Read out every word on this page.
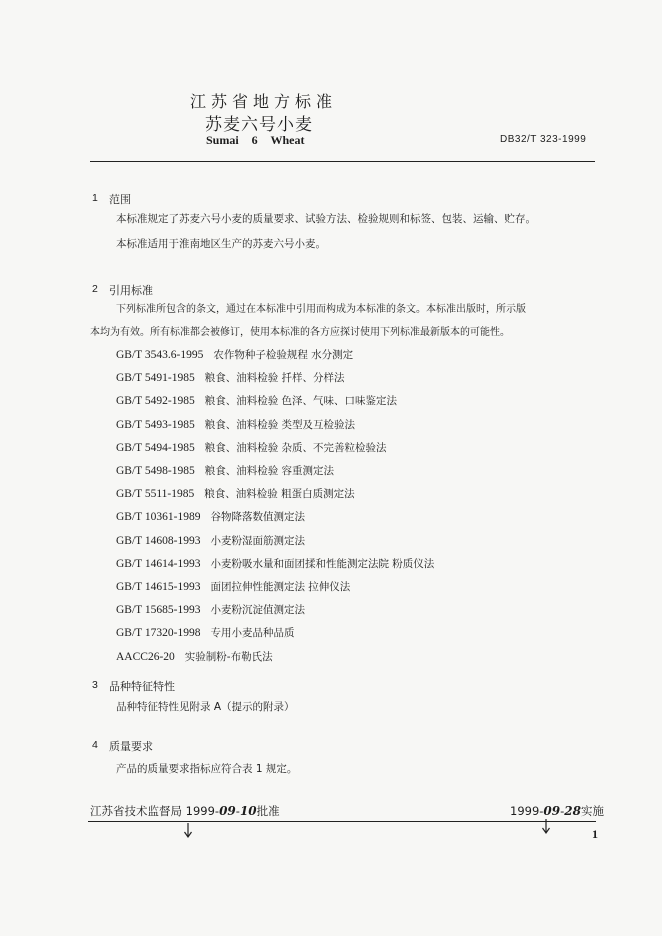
江苏省地方标准
苏麦六号小麦
Sumai 6 Wheat	DB32/T 323-1999
1 范围
本标准规定了苏麦六号小麦的质量要求、试验方法、检验规则和标签、包装、运输、贮存。
本标准适用于淮南地区生产的苏麦六号小麦。
2 引用标准
下列标准所包含的条文，通过在本标准中引用而构成为本标准的条文。本标准出版时，所示版
本均为有效。所有标准都会被修订，使用本标准的各方应探讨使用下列标准最新版本的可能性。
GB/T 3543.6-1995 农作物种子检验规程 水分测定
GB/T 5491-1985 粮食、油料检验 扦样、分样法
GB/T 5492-1985 粮食、油料检验 色泽、气味、口味鉴定法
GB/T 5493-1985 粮食、油料检验 类型及互检验法
GB/T 5494-1985 粮食、油料检验 杂质、不完善粒检验法
GB/T 5498-1985 粮食、油料检验 容重测定法
GB/T 5511-1985 粮食、油料检验 粗蛋白质测定法
GB/T 10361-1989 谷物降落数值测定法
GB/T 14608-1993 小麦粉湿面筋测定法
GB/T 14614-1993 小麦粉吸水量和面团揉和性能测定法院 粉质仪法
GB/T 14615-1993 面团拉伸性能测定法 拉伸仪法
GB/T 15685-1993 小麦粉沉淀值测定法
GB/T 17320-1998 专用小麦品种品质
AACC26-20 实验制粉-布勒氏法
3 品种特征特性
品种特征特性见附录 A（提示的附录）
4 质量要求
产品的质量要求指标应符合表 1 规定。
江苏省技术监督局 1999-09-10批准	1999-09-28实施
1
